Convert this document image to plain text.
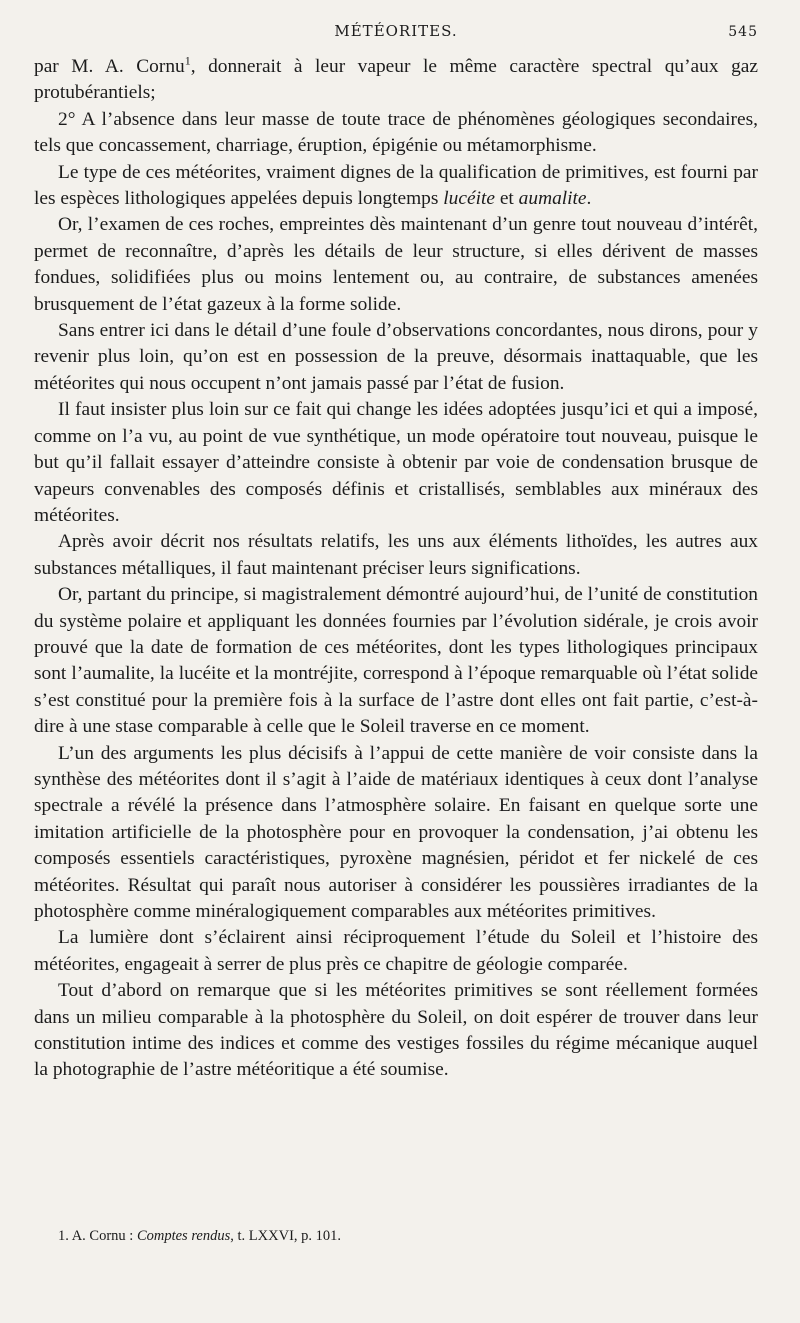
MÉTÉORITES.	545

par M. A. Cornu$^1$, donnerait à leur vapeur le même caractère spectral qu’aux gaz protubérantiels;

2° A l’absence dans leur masse de toute trace de phénomènes géologiques secondaires, tels que concassement, charriage, éruption, épigénie ou métamorphisme.

Le type de ces météorites, vraiment dignes de la qualification de primitives, est fourni par les espèces lithologiques appelées depuis longtemps lucéite et aumalite.

Or, l’examen de ces roches, empreintes dès maintenant d’un genre tout nouveau d’intérêt, permet de reconnaître, d’après les détails de leur structure, si elles dérivent de masses fondues, solidifiées plus ou moins lentement ou, au contraire, de substances amenées brusquement de l’état gazeux à la forme solide.

Sans entrer ici dans le détail d’une foule d’observations concordantes, nous dirons, pour y revenir plus loin, qu’on est en possession de la preuve, désormais inattaquable, que les météorites qui nous occupent n’ont jamais passé par l’état de fusion.

Il faut insister plus loin sur ce fait qui change les idées adoptées jusqu’ici et qui a imposé, comme on l’a vu, au point de vue synthétique, un mode opératoire tout nouveau, puisque le but qu’il fallait essayer d’atteindre consiste à obtenir par voie de condensation brusque de vapeurs convenables des composés définis et cristallisés, semblables aux minéraux des météorites.

Après avoir décrit nos résultats relatifs, les uns aux éléments lithoïdes, les autres aux substances métalliques, il faut maintenant préciser leurs significations.

Or, partant du principe, si magistralement démontré aujourd’hui, de l’unité de constitution du système polaire et appliquant les données fournies par l’évolution sidérale, je crois avoir prouvé que la date de formation de ces météorites, dont les types lithologiques principaux sont l’aumalite, la lucéite et la montréjite, correspond à l’époque remarquable où l’état solide s’est constitué pour la première fois à la surface de l’astre dont elles ont fait partie, c’est-à-dire à une stase comparable à celle que le Soleil traverse en ce moment.

L’un des arguments les plus décisifs à l’appui de cette manière de voir consiste dans la synthèse des météorites dont il s’agit à l’aide de matériaux identiques à ceux dont l’analyse spectrale a révélé la présence dans l’atmosphère solaire. En faisant en quelque sorte une imitation artificielle de la photosphère pour en provoquer la condensation, j’ai obtenu les composés essentiels caractéristiques, pyroxène magnésien, péridot et fer nickelé de ces météorites. Résultat qui paraît nous autoriser à considérer les poussières irradiantes de la photosphère comme minéralogiquement comparables aux météorites primitives.

La lumière dont s’éclairent ainsi réciproquement l’étude du Soleil et l’histoire des météorites, engageait à serrer de plus près ce chapitre de géologie comparée.

Tout d’abord on remarque que si les météorites primitives se sont réellement formées dans un milieu comparable à la photosphère du Soleil, on doit espérer de trouver dans leur constitution intime des indices et comme des vestiges fossiles du régime mécanique auquel la photographie de l’astre météoritique a été soumise.

1. A. Cornu : Comptes rendus, t. LXXVI, p. 101.
